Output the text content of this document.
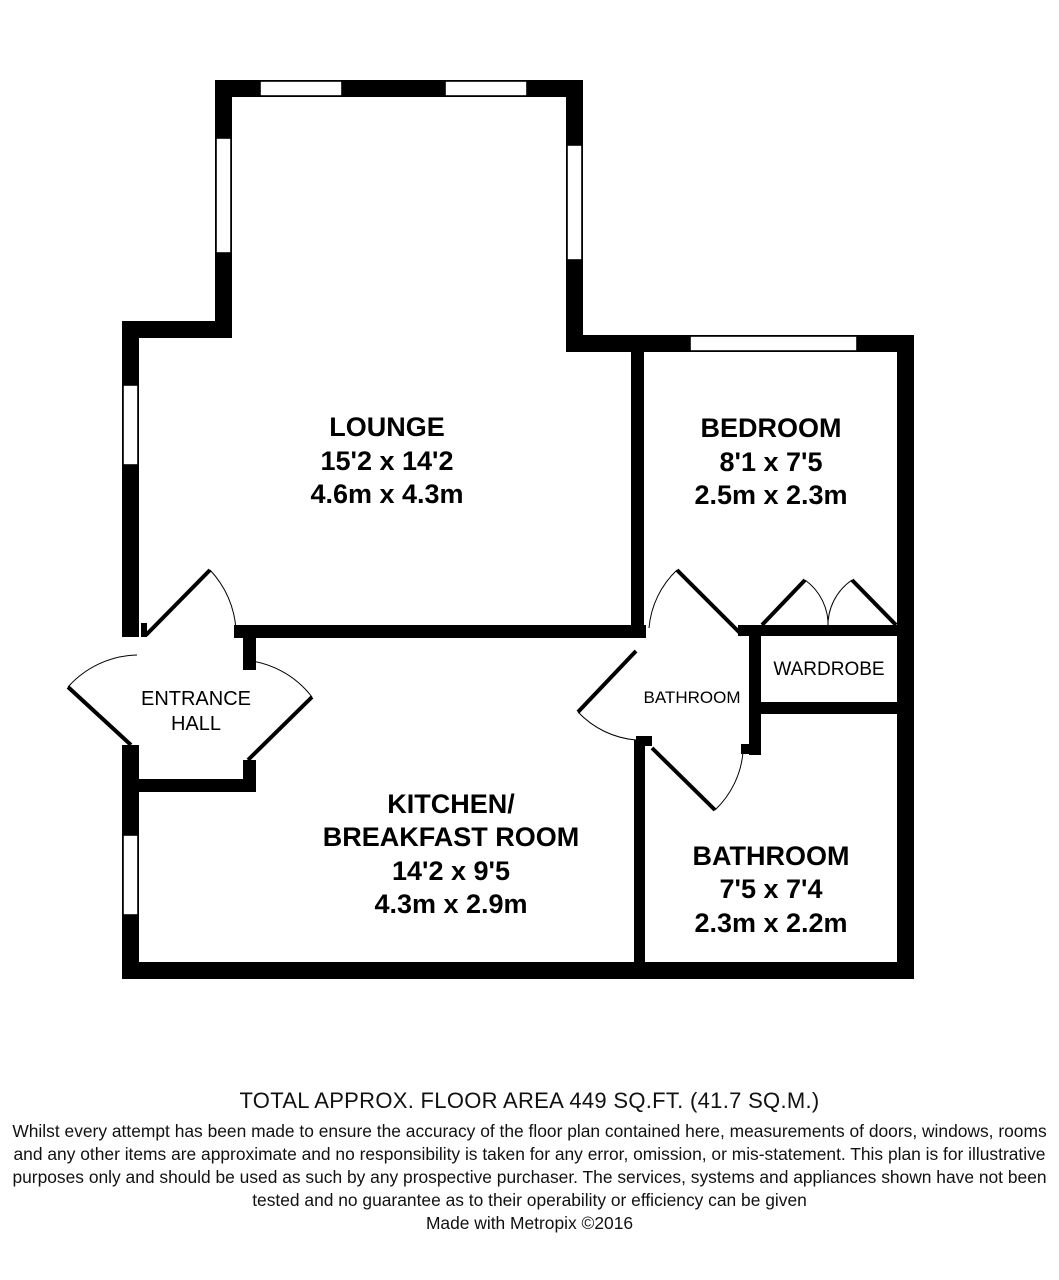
LOUNGE
15'2 x 14'2
4.6m x 4.3m
BEDROOM
8'1 x 7'5
2.5m x 2.3m
KITCHEN/
BREAKFAST ROOM
14'2 x 9'5
4.3m x 2.9m
BATHROOM
7'5 x 7'4
2.3m x 2.2m
ENTRANCE
HALL
BATHROOM
WARDROBE
TOTAL APPROX. FLOOR AREA 449 SQ.FT. (41.7 SQ.M.)
Whilst every attempt has been made to ensure the accuracy of the floor plan contained here, measurements of doors, windows, rooms and any other items are approximate and no responsibility is taken for any error, omission, or mis-statement. This plan is for illustrative purposes only and should be used as such by any prospective purchaser. The services, systems and appliances shown have not been tested and no guarantee as to their operability or efficiency can be given
Made with Metropix ©2016
